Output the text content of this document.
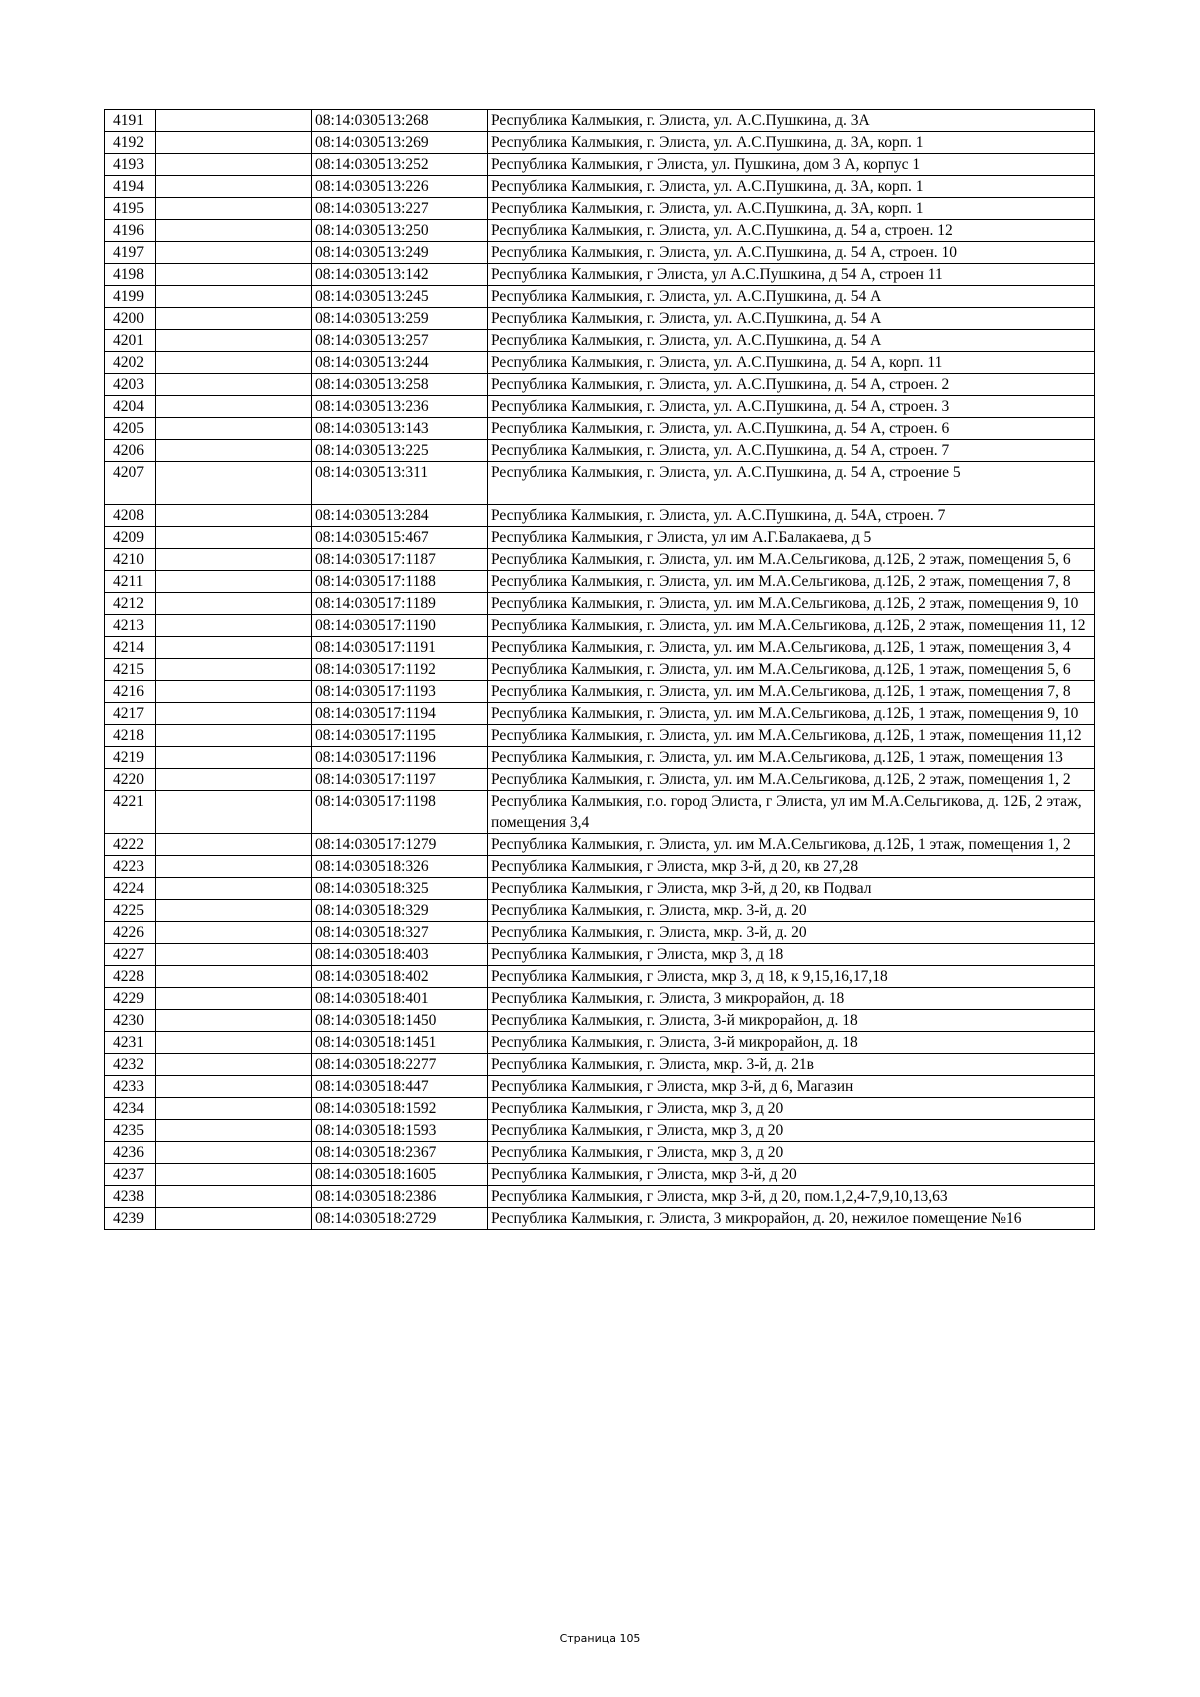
4191		08:14:030513:268	Республика Калмыкия, г. Элиста, ул. А.С.Пушкина, д. 3А
4192		08:14:030513:269	Республика Калмыкия, г. Элиста, ул. А.С.Пушкина, д. 3А, корп. 1
4193		08:14:030513:252	Республика Калмыкия, г Элиста, ул. Пушкина, дом 3 А, корпус 1
4194		08:14:030513:226	Республика Калмыкия, г. Элиста, ул. А.С.Пушкина, д. 3А, корп. 1
4195		08:14:030513:227	Республика Калмыкия, г. Элиста, ул. А.С.Пушкина, д. 3А, корп. 1
4196		08:14:030513:250	Республика Калмыкия, г. Элиста, ул. А.С.Пушкина, д. 54 а, строен. 12
4197		08:14:030513:249	Республика Калмыкия, г. Элиста, ул. А.С.Пушкина, д. 54 А, строен. 10
4198		08:14:030513:142	Республика Калмыкия, г Элиста, ул А.С.Пушкина, д 54 А, строен 11
4199		08:14:030513:245	Республика Калмыкия, г. Элиста, ул. А.С.Пушкина, д. 54 А
4200		08:14:030513:259	Республика Калмыкия, г. Элиста, ул. А.С.Пушкина, д. 54 А
4201		08:14:030513:257	Республика Калмыкия, г. Элиста, ул. А.С.Пушкина, д. 54 А
4202		08:14:030513:244	Республика Калмыкия, г. Элиста, ул. А.С.Пушкина, д. 54 А, корп. 11
4203		08:14:030513:258	Республика Калмыкия, г. Элиста, ул. А.С.Пушкина, д. 54 А, строен. 2
4204		08:14:030513:236	Республика Калмыкия, г. Элиста, ул. А.С.Пушкина, д. 54 А, строен. 3
4205		08:14:030513:143	Республика Калмыкия, г. Элиста, ул. А.С.Пушкина, д. 54 А, строен. 6
4206		08:14:030513:225	Республика Калмыкия, г. Элиста, ул. А.С.Пушкина, д. 54 А, строен. 7
4207		08:14:030513:311	Республика Калмыкия, г. Элиста, ул. А.С.Пушкина, д. 54 А, строение 5
4208		08:14:030513:284	Республика Калмыкия, г. Элиста, ул. А.С.Пушкина, д. 54А, строен. 7
4209		08:14:030515:467	Республика Калмыкия, г Элиста, ул им А.Г.Балакаева, д 5
4210		08:14:030517:1187	Республика Калмыкия, г. Элиста, ул. им М.А.Сельгикова, д.12Б, 2 этаж, помещения 5, 6
4211		08:14:030517:1188	Республика Калмыкия, г. Элиста, ул. им М.А.Сельгикова, д.12Б, 2 этаж, помещения 7, 8
4212		08:14:030517:1189	Республика Калмыкия, г. Элиста, ул. им М.А.Сельгикова, д.12Б, 2 этаж, помещения 9, 10
4213		08:14:030517:1190	Республика Калмыкия, г. Элиста, ул. им М.А.Сельгикова, д.12Б, 2 этаж, помещения 11, 12
4214		08:14:030517:1191	Республика Калмыкия, г. Элиста, ул. им М.А.Сельгикова, д.12Б, 1 этаж, помещения 3, 4
4215		08:14:030517:1192	Республика Калмыкия, г. Элиста, ул. им М.А.Сельгикова, д.12Б, 1 этаж, помещения 5, 6
4216		08:14:030517:1193	Республика Калмыкия, г. Элиста, ул. им М.А.Сельгикова, д.12Б, 1 этаж, помещения 7, 8
4217		08:14:030517:1194	Республика Калмыкия, г. Элиста, ул. им М.А.Сельгикова, д.12Б, 1 этаж, помещения 9, 10
4218		08:14:030517:1195	Республика Калмыкия, г. Элиста, ул. им М.А.Сельгикова, д.12Б, 1 этаж, помещения 11,12
4219		08:14:030517:1196	Республика Калмыкия, г. Элиста, ул. им М.А.Сельгикова, д.12Б, 1 этаж, помещения 13
4220		08:14:030517:1197	Республика Калмыкия, г. Элиста, ул. им М.А.Сельгикова, д.12Б, 2 этаж, помещения 1, 2
4221		08:14:030517:1198	Республика Калмыкия, г.о. город Элиста, г Элиста, ул им М.А.Сельгикова, д. 12Б, 2 этаж, помещения 3,4
4222		08:14:030517:1279	Республика Калмыкия, г. Элиста, ул. им М.А.Сельгикова, д.12Б, 1 этаж, помещения 1, 2
4223		08:14:030518:326	Республика Калмыкия, г Элиста, мкр 3-й, д 20, кв 27,28
4224		08:14:030518:325	Республика Калмыкия, г Элиста, мкр 3-й, д 20, кв Подвал
4225		08:14:030518:329	Республика Калмыкия, г. Элиста, мкр. 3-й, д. 20
4226		08:14:030518:327	Республика Калмыкия, г. Элиста, мкр. 3-й, д. 20
4227		08:14:030518:403	Республика Калмыкия, г Элиста, мкр 3, д 18
4228		08:14:030518:402	Республика Калмыкия, г Элиста, мкр 3, д 18, к 9,15,16,17,18
4229		08:14:030518:401	Республика Калмыкия, г. Элиста, 3 микрорайон, д. 18
4230		08:14:030518:1450	Республика Калмыкия, г. Элиста, 3-й микрорайон, д. 18
4231		08:14:030518:1451	Республика Калмыкия, г. Элиста, 3-й микрорайон, д. 18
4232		08:14:030518:2277	Республика Калмыкия, г. Элиста, мкр. 3-й, д. 21в
4233		08:14:030518:447	Республика Калмыкия, г Элиста, мкр 3-й, д 6, Магазин
4234		08:14:030518:1592	Республика Калмыкия, г Элиста, мкр 3, д 20
4235		08:14:030518:1593	Республика Калмыкия, г Элиста, мкр 3, д 20
4236		08:14:030518:2367	Республика Калмыкия, г Элиста, мкр 3, д 20
4237		08:14:030518:1605	Республика Калмыкия, г Элиста, мкр 3-й, д 20
4238		08:14:030518:2386	Республика Калмыкия, г Элиста, мкр 3-й, д 20, пом.1,2,4-7,9,10,13,63
4239		08:14:030518:2729	Республика Калмыкия, г. Элиста, 3 микрорайон, д. 20, нежилое помещение №16
Страница 105
